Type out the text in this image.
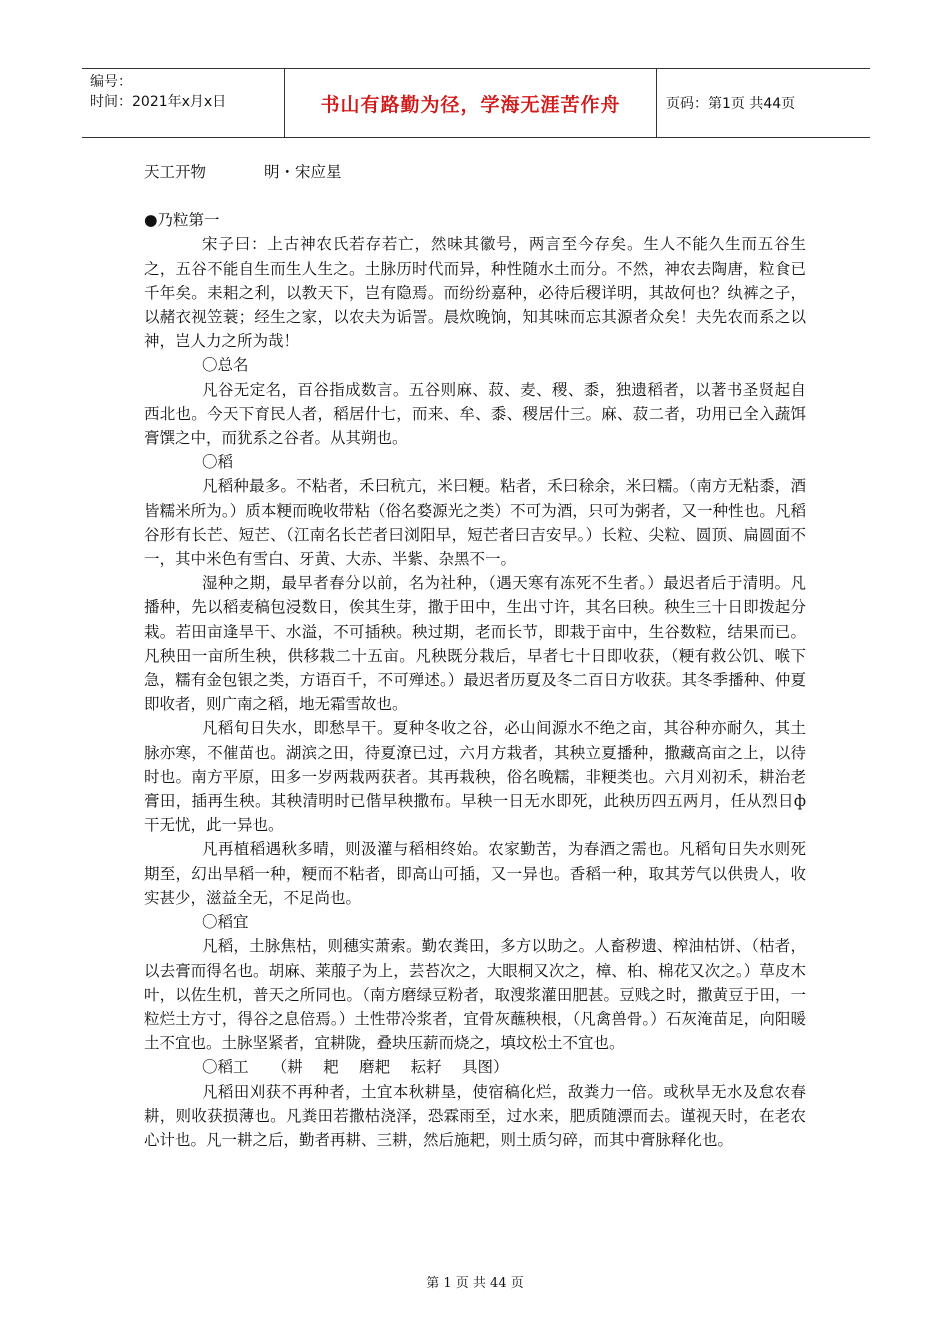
编号：
时间：2021年x月x日	书山有路勤为径，学海无涯苦作舟	页码：第1页 共44页

天工开物	明・宋应星

●乃粒第一

宋子曰：上古神农氏若存若亡，然味其徽号，两言至今存矣。生人不能久生而五谷生之，五谷不能自生而生人生之。土脉历时代而异，种性随水土而分。不然，神农去陶唐，粒食已千年矣。耒耜之利，以教天下，岂有隐焉。而纷纷嘉种，必待后稷详明，其故何也？纨裤之子，以赭衣视笠蓑；经生之家，以农夫为诟詈。晨炊晚饷，知其味而忘其源者众矣！夫先农而系之以神，岂人力之所为哉！

〇总名

凡谷无定名，百谷指成数言。五谷则麻、菽、麦、稷、黍，独遗稻者，以著书圣贤起自西北也。今天下育民人者，稻居什七，而来、牟、黍、稷居什三。麻、菽二者，功用已全入蔬饵膏馔之中，而犹系之谷者。从其朔也。

〇稻

凡稻种最多。不粘者，禾曰秔亢，米曰粳。粘者，禾曰稌余，米曰糯。（南方无粘黍，酒皆糯米所为。）质本粳而晚收带粘（俗名婺源光之类）不可为酒，只可为粥者，又一种性也。凡稻谷形有长芒、短芒、（江南名长芒者曰浏阳早，短芒者曰吉安早。）长粒、尖粒、圆顶、扁圆面不一，其中米色有雪白、牙黄、大赤、半紫、杂黑不一。

湿种之期，最早者春分以前，名为社种，（遇天寒有冻死不生者。）最迟者后于清明。凡播种，先以稻麦稿包浸数日，俟其生芽，撒于田中，生出寸许，其名曰秧。秧生三十日即拨起分栽。若田亩逢旱干、水溢，不可插秧。秧过期，老而长节，即栽于亩中，生谷数粒，结果而已。凡秧田一亩所生秧，供移栽二十五亩。凡秧既分栽后，早者七十日即收获，（粳有救公饥、喉下急，糯有金包银之类，方语百千，不可殚述。）最迟者历夏及冬二百日方收获。其冬季播种、仲夏即收者，则广南之稻，地无霜雪故也。

凡稻旬日失水，即愁旱干。夏种冬收之谷，必山间源水不绝之亩，其谷种亦耐久，其土脉亦寒，不催苗也。湖滨之田，待夏潦已过，六月方栽者，其秧立夏播种，撒藏高亩之上，以待时也。南方平原，田多一岁两栽两获者。其再栽秧，俗名晚糯，非粳类也。六月刈初禾，耕治老膏田，插再生秧。其秧清明时已偕早秧撒布。早秧一日无水即死，此秧历四五两月，任从烈日ф干无忧，此一异也。

凡再植稻遇秋多晴，则汲灌与稻相终始。农家勤苦，为春酒之需也。凡稻旬日失水则死期至，幻出旱稻一种，粳而不粘者，即高山可插，又一异也。香稻一种，取其芳气以供贵人，收实甚少，滋益全无，不足尚也。

〇稻宜

凡稻，土脉焦枯，则穗实萧索。勤农粪田，多方以助之。人畜秽遗、榨油枯饼、（枯者，以去膏而得名也。胡麻、莱菔子为上，芸苔次之，大眼桐又次之，樟、桕、棉花又次之。）草皮木叶，以佐生机，普天之所同也。（南方磨绿豆粉者，取溲浆灌田肥甚。豆贱之时，撒黄豆于田，一粒烂土方寸，得谷之息倍焉。）土性带冷浆者，宜骨灰蘸秧根，（凡禽兽骨。）石灰淹苗足，向阳暖土不宜也。土脉坚紧者，宜耕陇，叠块压薪而烧之，填坟松土不宜也。

〇稻工　　（耕　 耙　 磨耙　 耘耔　 具图）

凡稻田刈获不再种者，土宜本秋耕垦，使宿稿化烂，敌粪力一倍。或秋旱无水及怠农春耕，则收获损薄也。凡粪田若撒枯浇泽，恐霖雨至，过水来，肥质随漂而去。谨视天时，在老农心计也。凡一耕之后，勤者再耕、三耕，然后施耙，则土质匀碎，而其中膏脉释化也。

第 1 页 共 44 页
